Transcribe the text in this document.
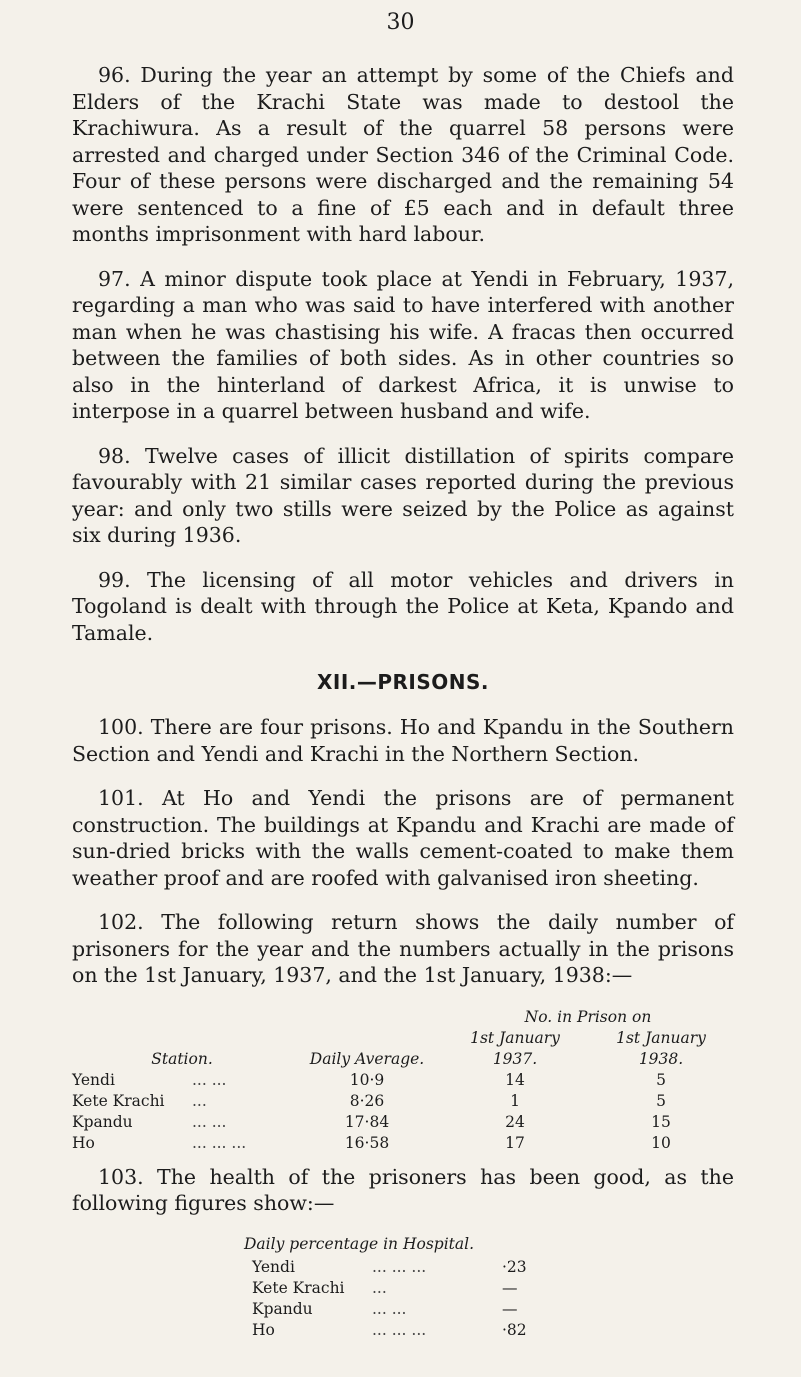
30

96. During the year an attempt by some of the Chiefs and Elders of the Krachi State was made to destool the Krachiwura. As a result of the quarrel 58 persons were arrested and charged under Section 346 of the Criminal Code. Four of these persons were discharged and the remaining 54 were sentenced to a fine of £5 each and in default three months imprisonment with hard labour.

97. A minor dispute took place at Yendi in February, 1937, regarding a man who was said to have interfered with another man when he was chastising his wife. A fracas then occurred between the families of both sides. As in other countries so also in the hinterland of darkest Africa, it is unwise to interpose in a quarrel between husband and wife.

98. Twelve cases of illicit distillation of spirits compare favourably with 21 similar cases reported during the previous year: and only two stills were seized by the Police as against six during 1936.

99. The licensing of all motor vehicles and drivers in Togoland is dealt with through the Police at Keta, Kpando and Tamale.

XII.—PRISONS.

100. There are four prisons. Ho and Kpandu in the Southern Section and Yendi and Krachi in the Northern Section.

101. At Ho and Yendi the prisons are of permanent construction. The buildings at Kpandu and Krachi are made of sun-dried bricks with the walls cement-coated to make them weather proof and are roofed with galvanised iron sheeting.

102. The following return shows the daily number of prisoners for the year and the numbers actually in the prisons on the 1st January, 1937, and the 1st January, 1938:—

			No. in Prison on	
			1st January	1st January
Station.		Daily Average.	1937.	1938.
Yendi	... ...	10·9	14	5
Kete Krachi	...	8·26	1	5
Kpandu	... ...	17·84	24	15
Ho	... ... ...	16·58	17	10

103. The health of the prisoners has been good, as the following figures show:—

Daily percentage in Hospital.
Yendi	... ... ...	·23
Kete Krachi	...	—
Kpandu	... ...	—
Ho	... ... ...	·82
